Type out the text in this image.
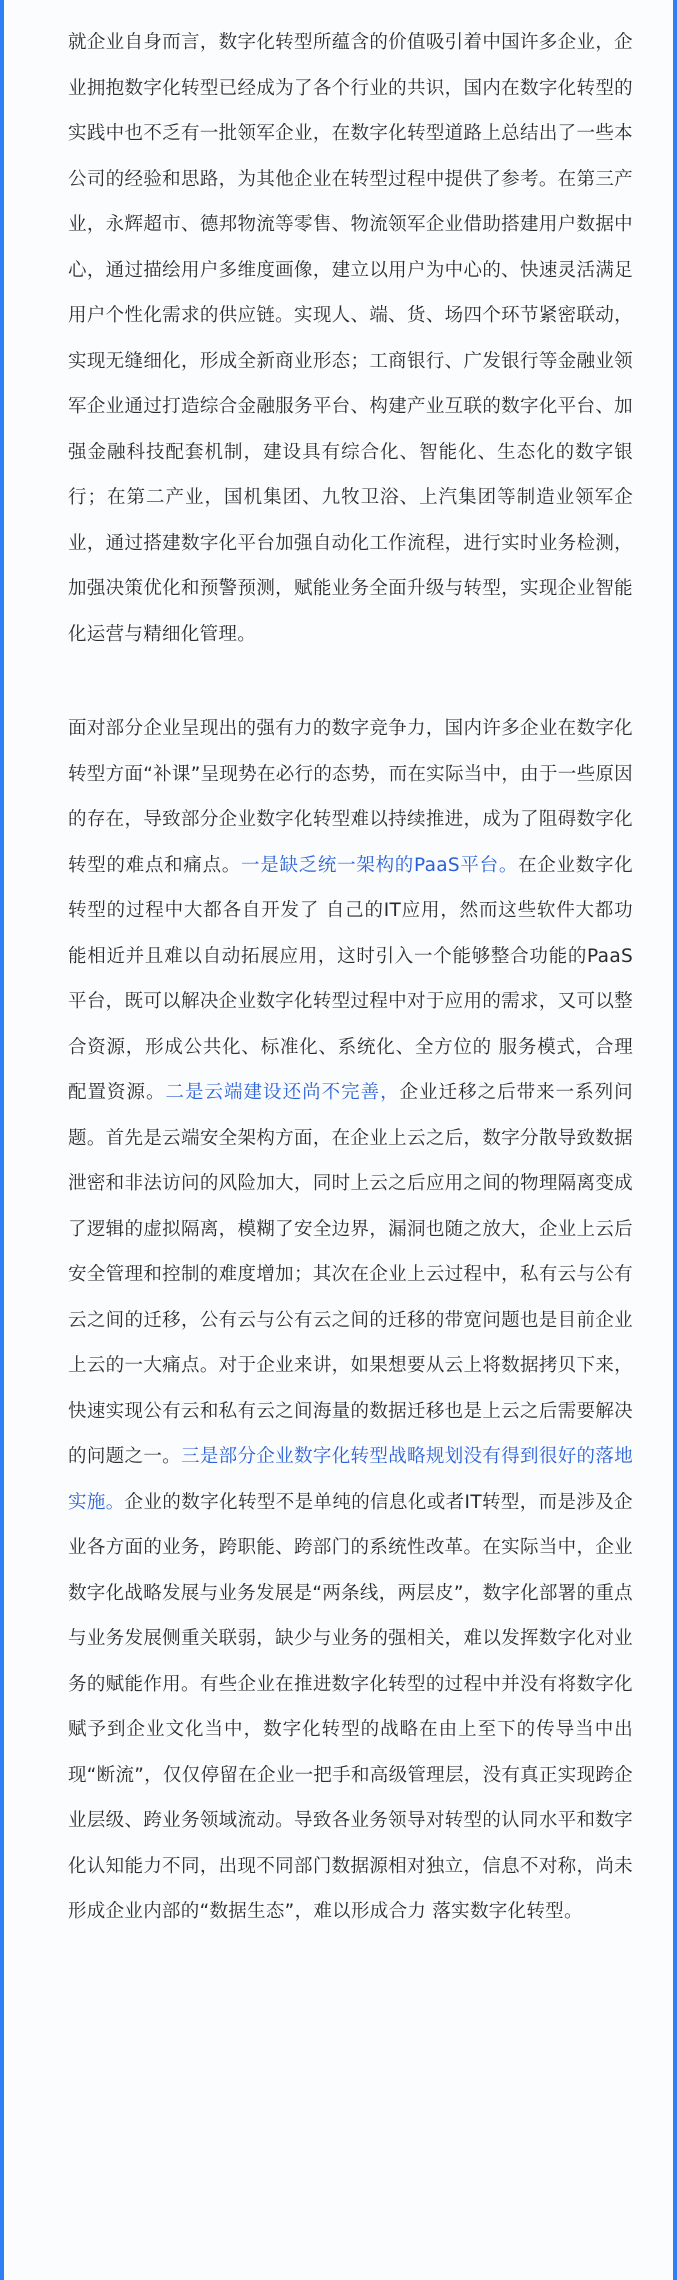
就企业自身而言，数字化转型所蕴含的价值吸引着中国许多企业，企业拥抱数字化转型已经成为了各个行业的共识，国内在数字化转型的实践中也不乏有一批领军企业，在数字化转型道路上总结出了一些本公司的经验和思路，为其他企业在转型过程中提供了参考。在第三产业，永辉超市、德邦物流等零售、物流领军企业借助搭建用户数据中心，通过描绘用户多维度画像，建立以用户为中心的、快速灵活满足用户个性化需求的供应链。实现人、端、货、场四个环节紧密联动，实现无缝细化，形成全新商业形态；工商银行、广发银行等金融业领军企业通过打造综合金融服务平台、构建产业互联的数字化平台、加强金融科技配套机制，建设具有综合化、智能化、生态化的数字银行；在第二产业，国机集团、九牧卫浴、上汽集团等制造业领军企业，通过搭建数字化平台加强自动化工作流程，进行实时业务检测，加强决策优化和预警预测，赋能业务全面升级与转型，实现企业智能化运营与精细化管理。

面对部分企业呈现出的强有力的数字竞争力，国内许多企业在数字化转型方面“补课”呈现势在必行的态势，而在实际当中，由于一些原因的存在，导致部分企业数字化转型难以持续推进，成为了阻碍数字化转型的难点和痛点。一是缺乏统一架构的PaaS平台。在企业数字化转型的过程中大都各自开发了 自己的IT应用，然而这些软件大都功能相近并且难以自动拓展应用，这时引入一个能够整合功能的PaaS平台，既可以解决企业数字化转型过程中对于应用的需求，又可以整合资源，形成公共化、标准化、系统化、全方位的 服务模式，合理配置资源。二是云端建设还尚不完善，企业迁移之后带来一系列问题。首先是云端安全架构方面，在企业上云之后，数字分散导致数据泄密和非法访问的风险加大，同时上云之后应用之间的物理隔离变成了逻辑的虚拟隔离，模糊了安全边界，漏洞也随之放大，企业上云后安全管理和控制的难度增加；其次在企业上云过程中，私有云与公有云之间的迁移，公有云与公有云之间的迁移的带宽问题也是目前企业上云的一大痛点。对于企业来讲，如果想要从云上将数据拷贝下来，快速实现公有云和私有云之间海量的数据迁移也是上云之后需要解决的问题之一。三是部分企业数字化转型战略规划没有得到很好的落地实施。企业的数字化转型不是单纯的信息化或者IT转型，而是涉及企业各方面的业务，跨职能、跨部门的系统性改革。在实际当中，企业数字化战略发展与业务发展是“两条线，两层皮”，数字化部署的重点与业务发展侧重关联弱，缺少与业务的强相关，难以发挥数字化对业务的赋能作用。有些企业在推进数字化转型的过程中并没有将数字化赋予到企业文化当中，数字化转型的战略在由上至下的传导当中出现“断流”，仅仅停留在企业一把手和高级管理层，没有真正实现跨企业层级、跨业务领域流动。导致各业务领导对转型的认同水平和数字化认知能力不同，出现不同部门数据源相对独立，信息不对称，尚未形成企业内部的“数据生态”，难以形成合力 落实数字化转型。
